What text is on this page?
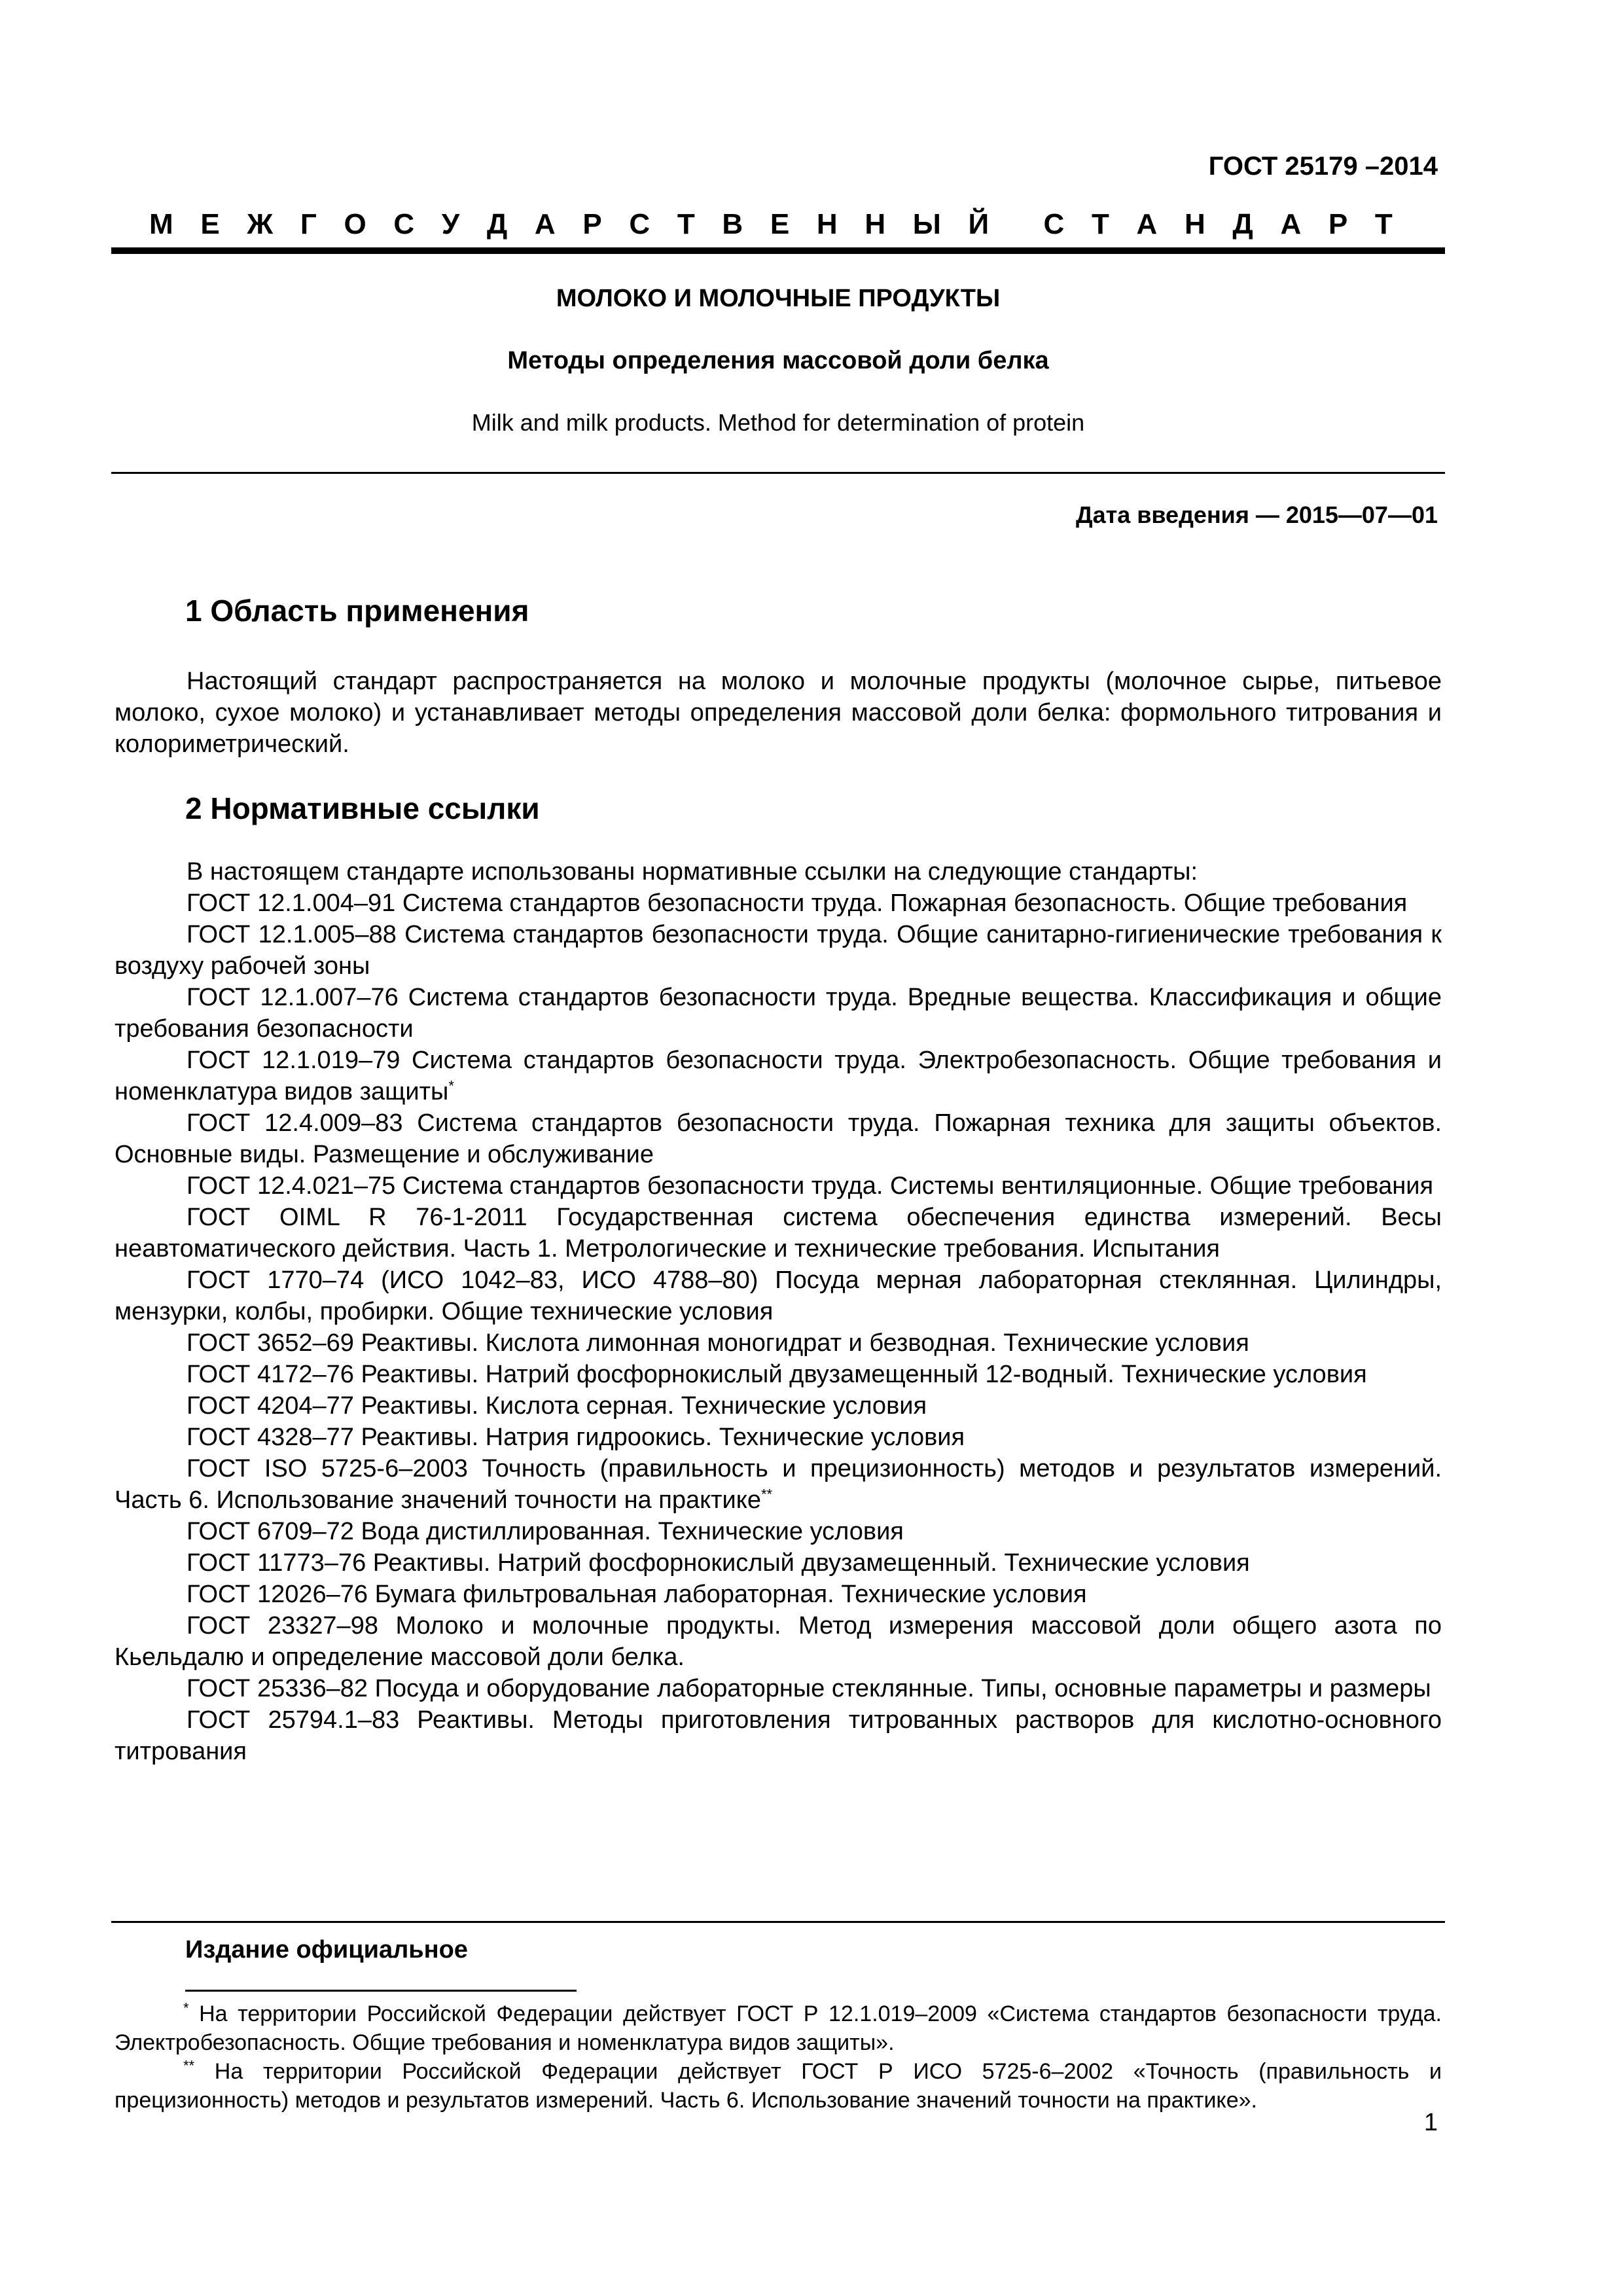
ГОСТ 25179 –2014
М Е Ж Г О С У Д А Р С Т В Е Н Н Ы Й С Т А Н Д А Р Т
МОЛОКО И МОЛОЧНЫЕ ПРОДУКТЫ
Методы определения массовой доли белка
Milk and milk products. Method for determination of protein
Дата введения — 2015—07—01
1 Область применения

Настоящий стандарт распространяется на молоко и молочные продукты (молочное сырье, питьевое молоко, сухое молоко) и устанавливает методы определения массовой доли белка: формольного титрования и колориметрический.

2 Нормативные ссылки

В настоящем стандарте использованы нормативные ссылки на следующие стандарты:

ГОСТ 12.1.004–91 Система стандартов безопасности труда. Пожарная безопасность. Общие требования

ГОСТ 12.1.005–88 Система стандартов безопасности труда. Общие санитарно-гигиенические требования к воздуху рабочей зоны

ГОСТ 12.1.007–76 Система стандартов безопасности труда. Вредные вещества. Классификация и общие требования безопасности

ГОСТ 12.1.019–79 Система стандартов безопасности труда. Электробезопасность. Общие требования и номенклатура видов защиты*

ГОСТ 12.4.009–83 Система стандартов безопасности труда. Пожарная техника для защиты объектов. Основные виды. Размещение и обслуживание

ГОСТ 12.4.021–75 Система стандартов безопасности труда. Системы вентиляционные. Общие требования

ГОСТ OIML R 76-1-2011 Государственная система обеспечения единства измерений. Весы неавтоматического действия. Часть 1. Метрологические и технические требования. Испытания

ГОСТ 1770–74 (ИСО 1042–83, ИСО 4788–80) Посуда мерная лабораторная стеклянная. Цилиндры, мензурки, колбы, пробирки. Общие технические условия

ГОСТ 3652–69 Реактивы. Кислота лимонная моногидрат и безводная. Технические условия

ГОСТ 4172–76 Реактивы. Натрий фосфорнокислый двузамещенный 12-водный. Технические условия

ГОСТ 4204–77 Реактивы. Кислота серная. Технические условия

ГОСТ 4328–77 Реактивы. Натрия гидроокись. Технические условия

ГОСТ ISO 5725-6–2003 Точность (правильность и прецизионность) методов и результатов измерений. Часть 6. Использование значений точности на практике**

ГОСТ 6709–72 Вода дистиллированная. Технические условия

ГОСТ 11773–76 Реактивы. Натрий фосфорнокислый двузамещенный. Технические условия

ГОСТ 12026–76 Бумага фильтровальная лабораторная. Технические условия

ГОСТ 23327–98 Молоко и молочные продукты. Метод измерения массовой доли общего азота по Кьельдалю и определение массовой доли белка.

ГОСТ 25336–82 Посуда и оборудование лабораторные стеклянные. Типы, основные параметры и размеры

ГОСТ 25794.1–83 Реактивы. Методы приготовления титрованных растворов для кислотно-основного титрования

Издание официальное

* На территории Российской Федерации действует ГОСТ Р 12.1.019–2009 «Система стандартов безопасности труда. Электробезопасность. Общие требования и номенклатура видов защиты».

** На территории Российской Федерации действует ГОСТ Р ИСО 5725-6–2002 «Точность (правильность и прецизионность) методов и результатов измерений. Часть 6. Использование значений точности на практике».

1
